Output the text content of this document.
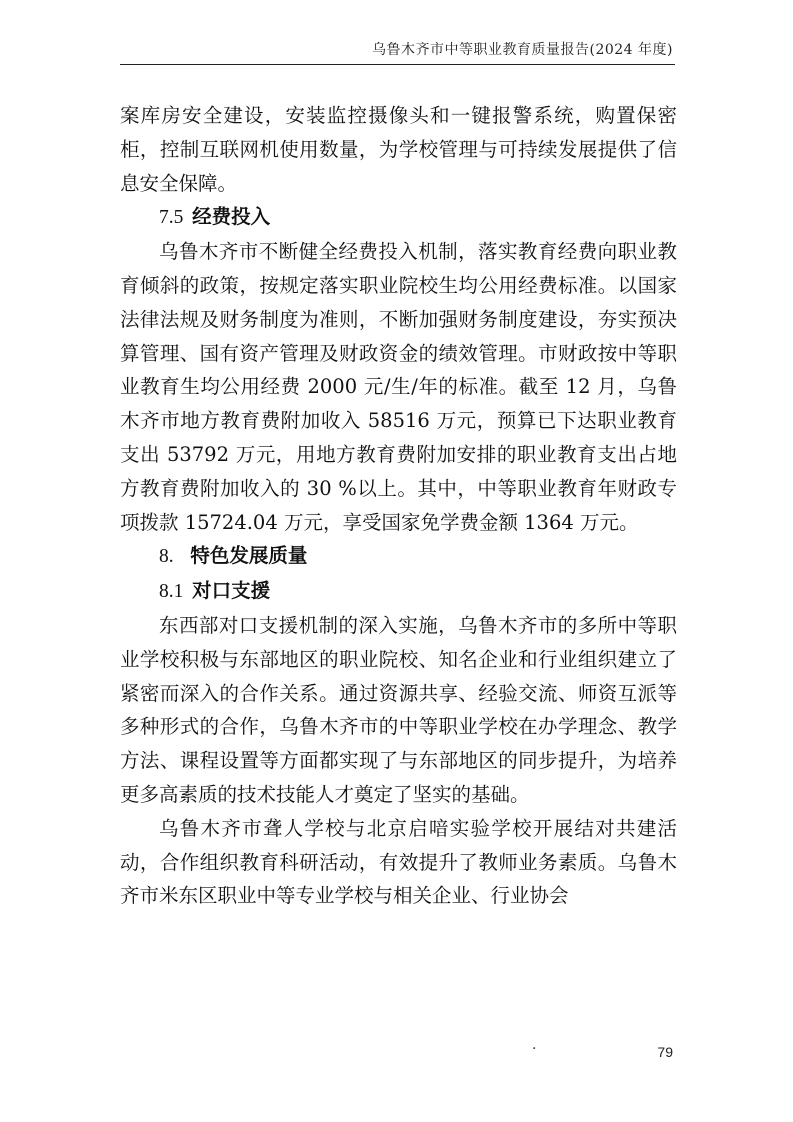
乌鲁木齐市中等职业教育质量报告(2024 年度)

案库房安全建设，安装监控摄像头和一键报警系统，购置保密柜，控制互联网机使用数量，为学校管理与可持续发展提供了信息安全保障。

7.5 经费投入

乌鲁木齐市不断健全经费投入机制，落实教育经费向职业教育倾斜的政策，按规定落实职业院校生均公用经费标准。以国家法律法规及财务制度为准则，不断加强财务制度建设，夯实预决算管理、国有资产管理及财政资金的绩效管理。市财政按中等职业教育生均公用经费 2000 元/生/年的标准。截至 12 月，乌鲁木齐市地方教育费附加收入 58516 万元，预算已下达职业教育支出 53792 万元，用地方教育费附加安排的职业教育支出占地方教育费附加收入的 30 %以上。其中，中等职业教育年财政专项拨款 15724.04 万元，享受国家免学费金额 1364 万元。

8. 特色发展质量

8.1 对口支援

东西部对口支援机制的深入实施，乌鲁木齐市的多所中等职业学校积极与东部地区的职业院校、知名企业和行业组织建立了紧密而深入的合作关系。通过资源共享、经验交流、师资互派等多种形式的合作，乌鲁木齐市的中等职业学校在办学理念、教学方法、课程设置等方面都实现了与东部地区的同步提升，为培养更多高素质的技术技能人才奠定了坚实的基础。

乌鲁木齐市聋人学校与北京启喑实验学校开展结对共建活动，合作组织教育科研活动，有效提升了教师业务素质。乌鲁木齐市米东区职业中等专业学校与相关企业、行业协会

·	79
